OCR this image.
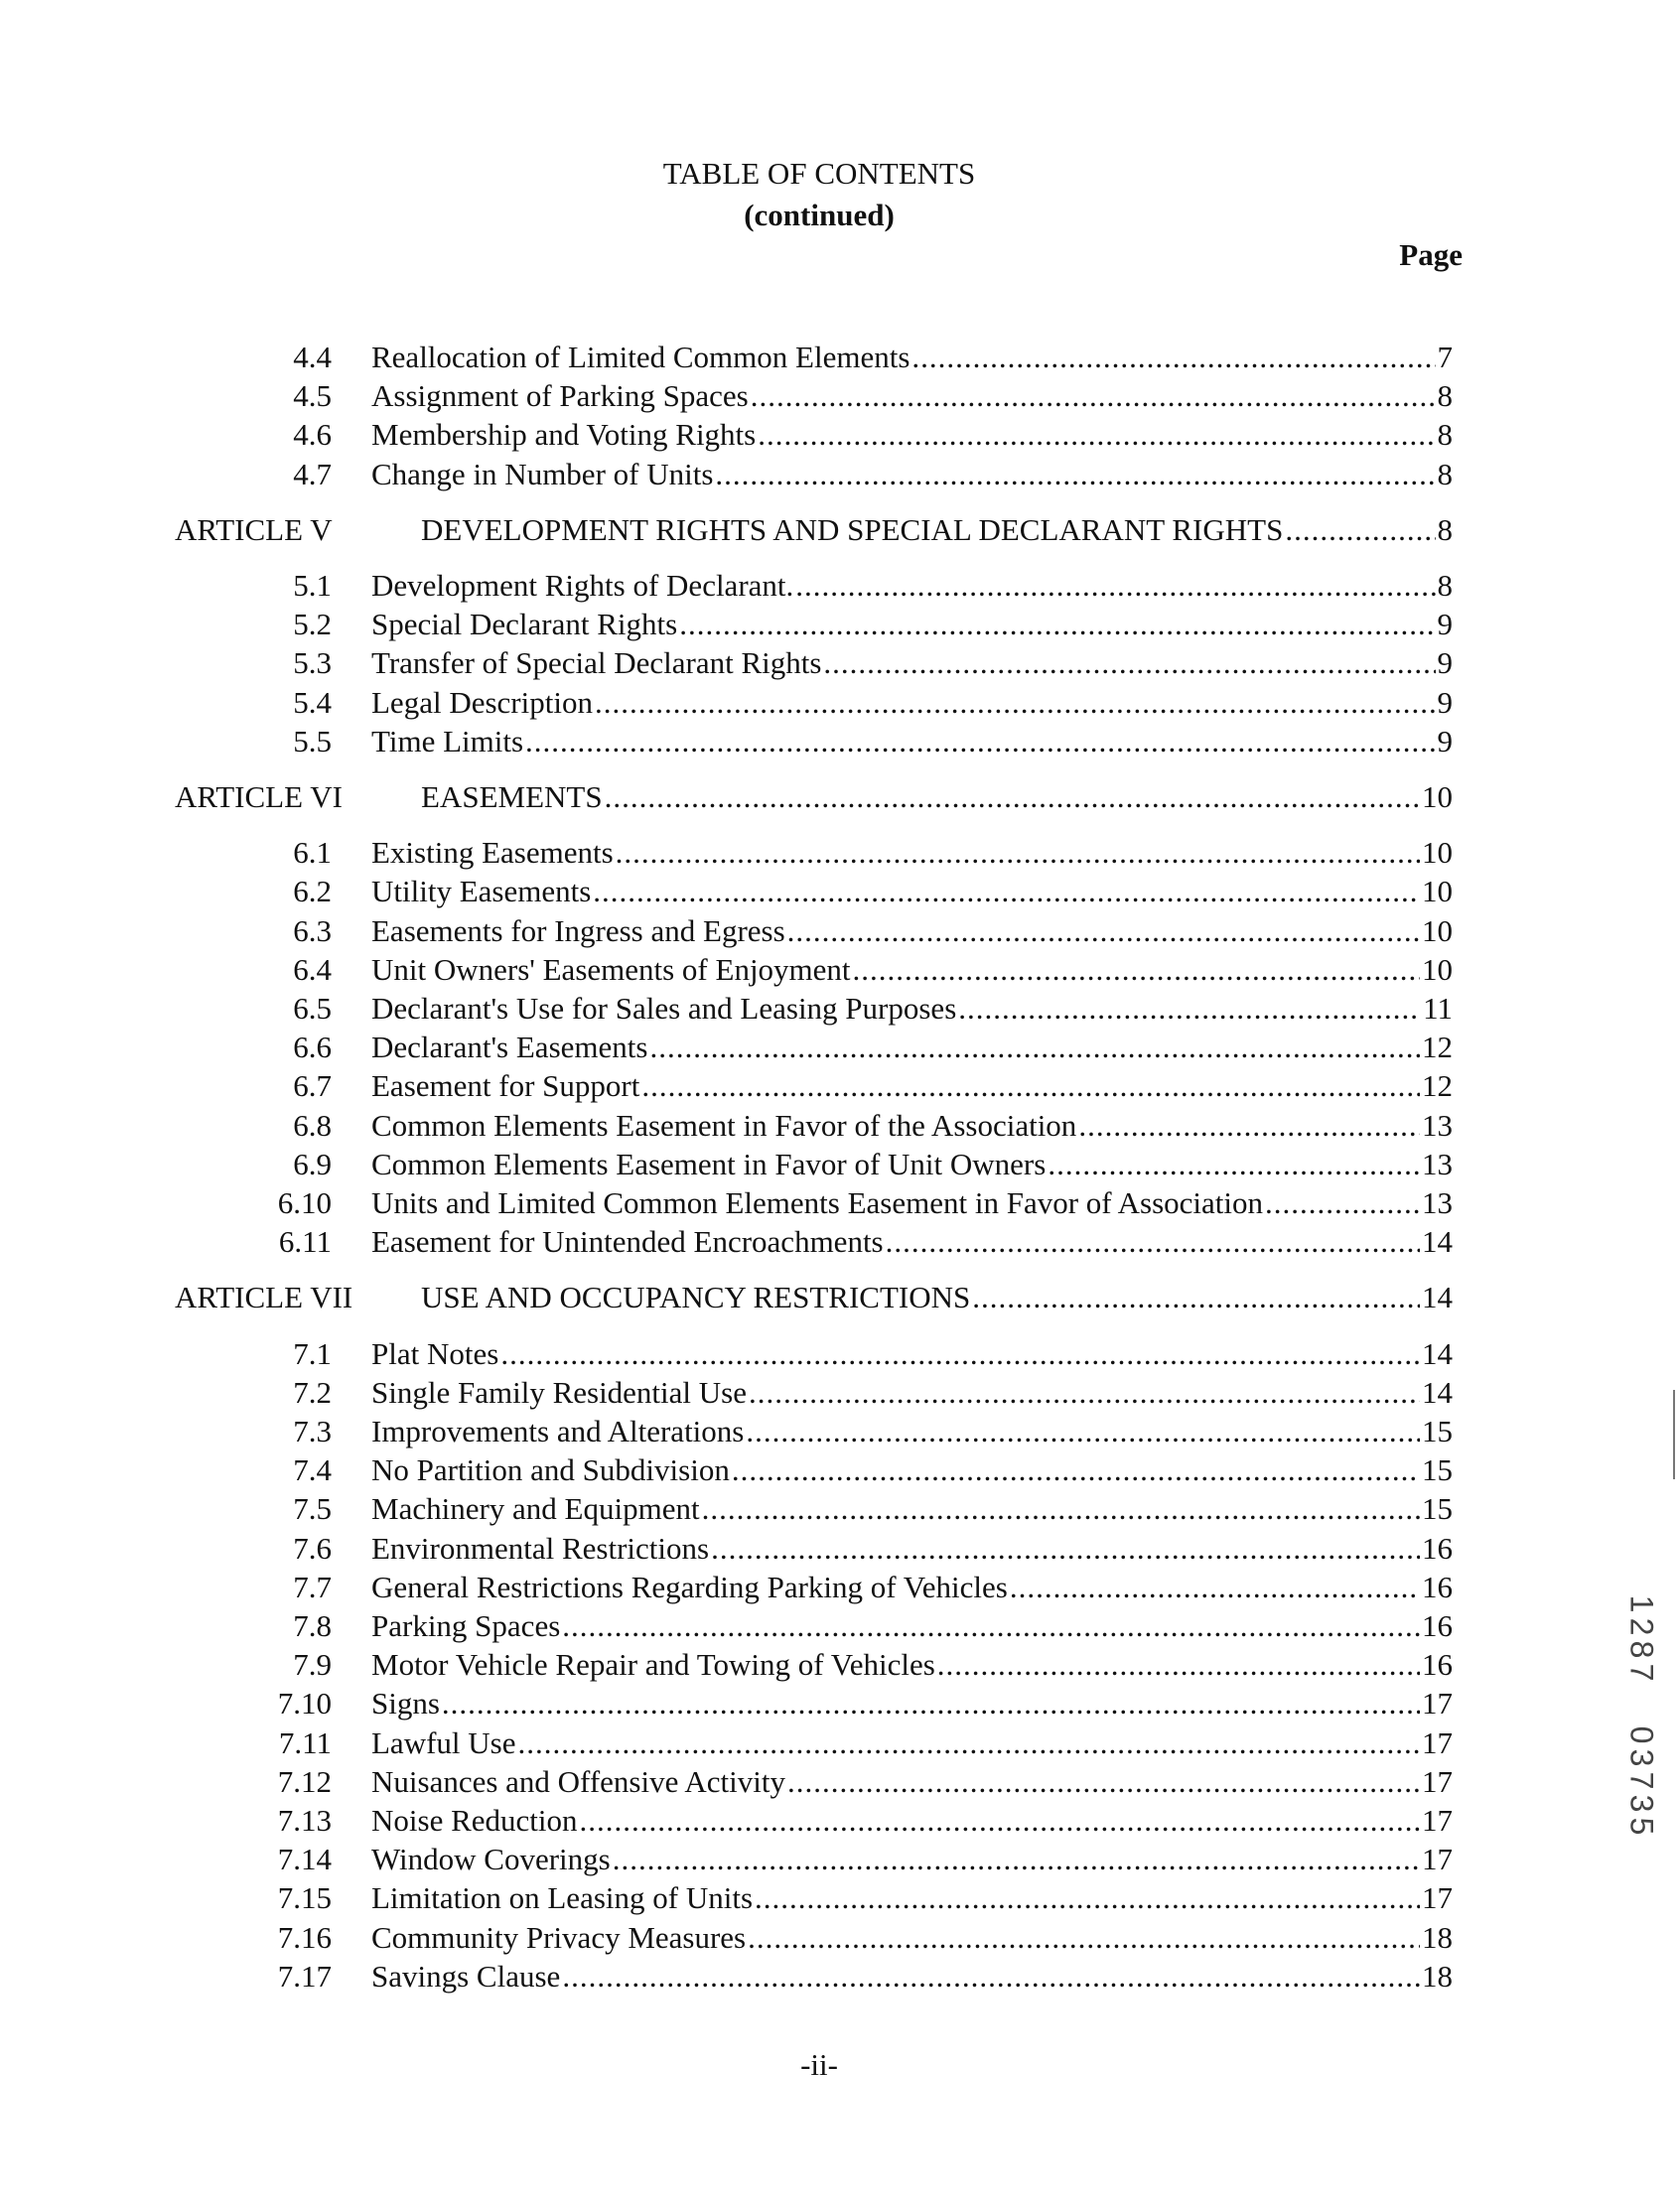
TABLE OF CONTENTS
(continued)
Page
4.4 Reallocation of Limited Common Elements .....	7
4.5 Assignment of Parking Spaces .....	8
4.6 Membership and Voting Rights .....	8
4.7 Change in Number of Units .....	8
ARTICLE V	DEVELOPMENT RIGHTS AND SPECIAL DECLARANT RIGHTS .....	8
5.1 Development Rights of Declarant. .....	8
5.2 Special Declarant Rights .....	9
5.3 Transfer of Special Declarant Rights .....	9
5.4 Legal Description .....	9
5.5 Time Limits .....	9
ARTICLE VI	EASEMENTS .....	10
6.1 Existing Easements .....	10
6.2 Utility Easements .....	10
6.3 Easements for Ingress and Egress .....	10
6.4 Unit Owners' Easements of Enjoyment .....	10
6.5 Declarant's Use for Sales and Leasing Purposes .....	11
6.6 Declarant's Easements .....	12
6.7 Easement for Support .....	12
6.8 Common Elements Easement in Favor of the Association .....	13
6.9 Common Elements Easement in Favor of Unit Owners .....	13
6.10 Units and Limited Common Elements Easement in Favor of Association .....	13
6.11 Easement for Unintended Encroachments .....	14
ARTICLE VII USE AND OCCUPANCY RESTRICTIONS .....	14
7.1 Plat Notes .....	14
7.2 Single Family Residential Use .....	14
7.3 Improvements and Alterations .....	15
7.4 No Partition and Subdivision .....	15
7.5 Machinery and Equipment .....	15
7.6 Environmental Restrictions .....	16
7.7 General Restrictions Regarding Parking of Vehicles .....	16
7.8 Parking Spaces .....	16
7.9 Motor Vehicle Repair and Towing of Vehicles .....	16
7.10 Signs .....	17
7.11 Lawful Use .....	17
7.12 Nuisances and Offensive Activity .....	17
7.13 Noise Reduction .....	17
7.14 Window Coverings .....	17
7.15 Limitation on Leasing of Units .....	17
7.16 Community Privacy Measures .....	18
7.17 Savings Clause .....	18
-ii-
1
2
8
7
0
3
7
3
5
